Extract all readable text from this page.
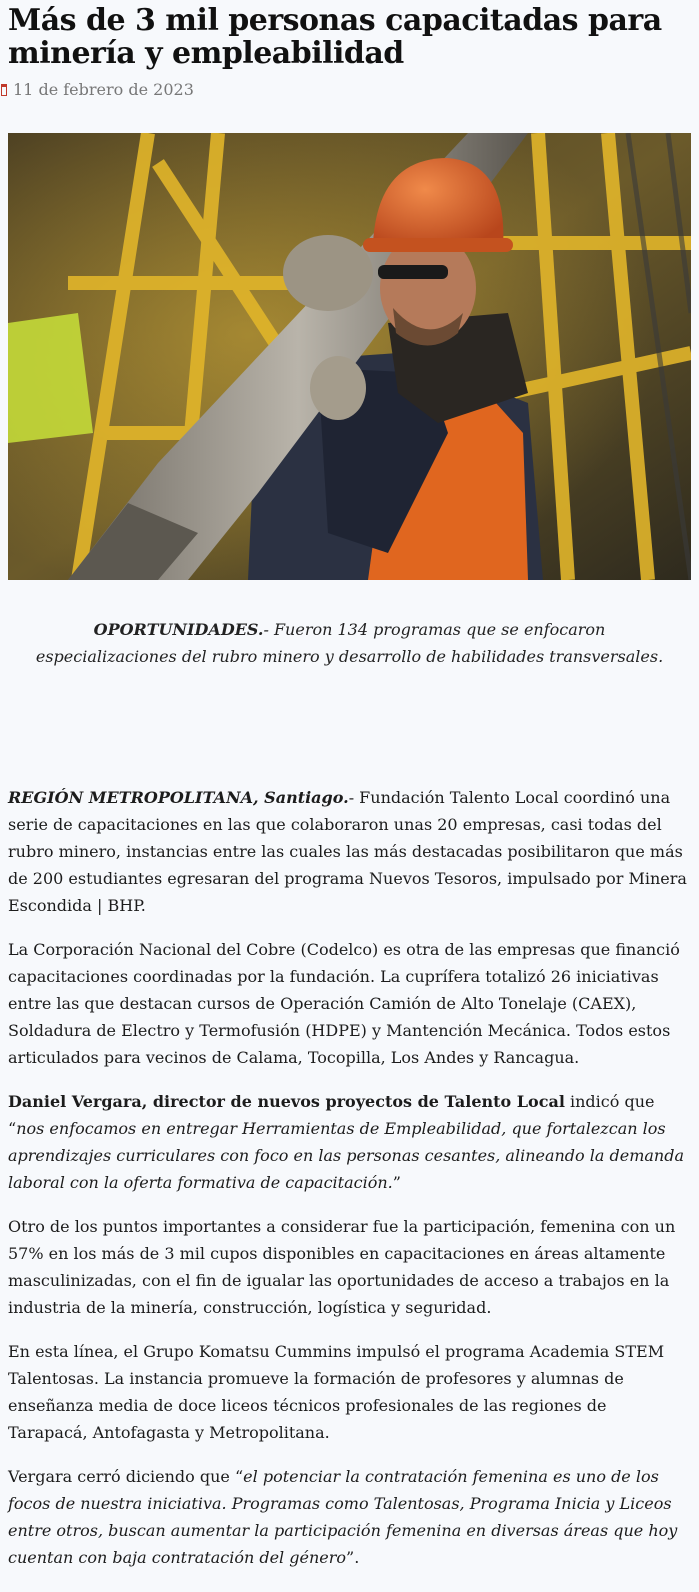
Más de 3 mil personas capacitadas para minería y empleabilidad
11 de febrero de 2023

OPORTUNIDADES.- Fueron 134 programas que se enfocaron especializaciones del rubro minero y desarrollo de habilidades transversales.

REGIÓN METROPOLITANA, Santiago.- Fundación Talento Local coordinó una serie de capacitaciones en las que colaboraron unas 20 empresas, casi todas del rubro minero, instancias entre las cuales las más destacadas posibilitaron que más de 200 estudiantes egresaran del programa Nuevos Tesoros, impulsado por Minera Escondida | BHP.

La Corporación Nacional del Cobre (Codelco) es otra de las empresas que financió capacitaciones coordinadas por la fundación. La cuprífera totalizó 26 iniciativas entre las que destacan cursos de Operación Camión de Alto Tonelaje (CAEX), Soldadura de Electro y Termofusión (HDPE) y Mantención Mecánica. Todos estos articulados para vecinos de Calama, Tocopilla, Los Andes y Rancagua.

Daniel Vergara, director de nuevos proyectos de Talento Local indicó que “nos enfocamos en entregar Herramientas de Empleabilidad, que fortalezcan los aprendizajes curriculares con foco en las personas cesantes, alineando la demanda laboral con la oferta formativa de capacitación.”

Otro de los puntos importantes a considerar fue la participación, femenina con un 57% en los más de 3 mil cupos disponibles en capacitaciones en áreas altamente masculinizadas, con el fin de igualar las oportunidades de acceso a trabajos en la industria de la minería, construcción, logística y seguridad.

En esta línea, el Grupo Komatsu Cummins impulsó el programa Academia STEM Talentosas. La instancia promueve la formación de profesores y alumnas de enseñanza media de doce liceos técnicos profesionales de las regiones de Tarapacá, Antofagasta y Metropolitana.

Vergara cerró diciendo que “el potenciar la contratación femenina es uno de los focos de nuestra iniciativa. Programas como Talentosas, Programa Inicia y Liceos entre otros, buscan aumentar la participación femenina en diversas áreas que hoy cuentan con baja contratación del género”.
